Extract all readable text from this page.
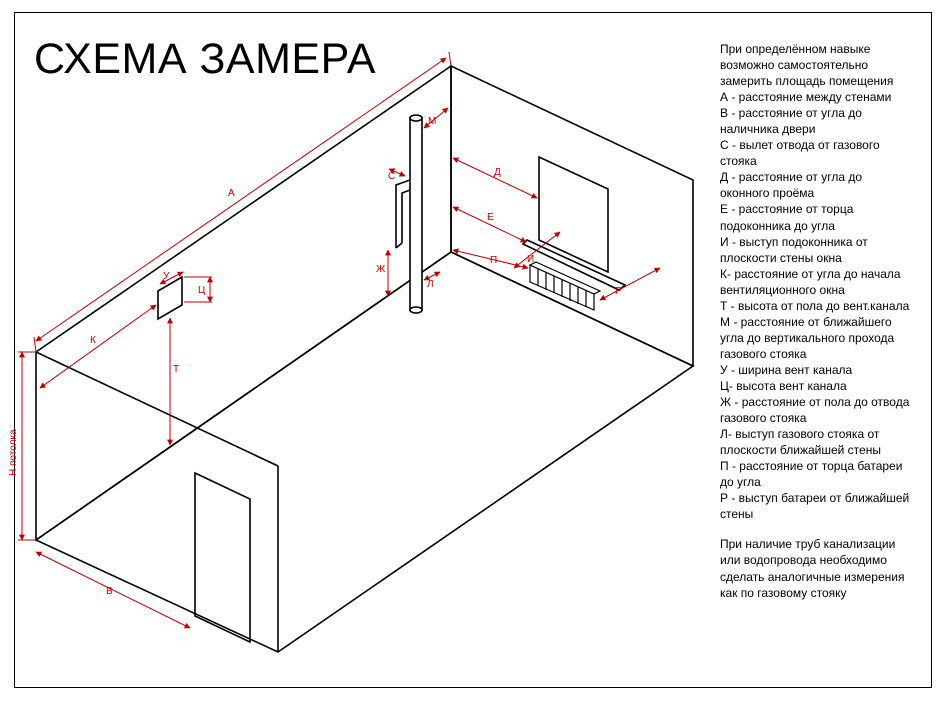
СХЕМА ЗАМЕРА
А
К
Т
У
Ц
В
С
М
Ж
Л
Д
Е
И
П
Р
Н потолка
При определённом навыке
возможно самостоятельно
замерить площадь помещения
А - расстояние между стенами
В - расстояние от угла до
наличника двери
С - вылет отвода от газового
стояка
Д - расстояние от угла до
оконного проёма
Е - расстояние от торца
подоконника до угла
И - выступ подоконника от
плоскости стены окна
К- расстояние от угла до начала
вентиляционного окна
Т - высота от пола до вент.канала
М - расстояние от ближайшего
угла до вертикального прохода
газового стояка
У - ширина вент канала
Ц- высота вент канала
Ж - расстояние от пола до отвода
газового стояка
Л- выступ газового стояка от
плоскости ближайшей стены
П - расстояние от торца батареи
до угла
Р - выступ батареи от ближайшей
стены
При наличие труб канализации
или водопровода необходимо
сделать аналогичные измерения
как по газовому стояку
